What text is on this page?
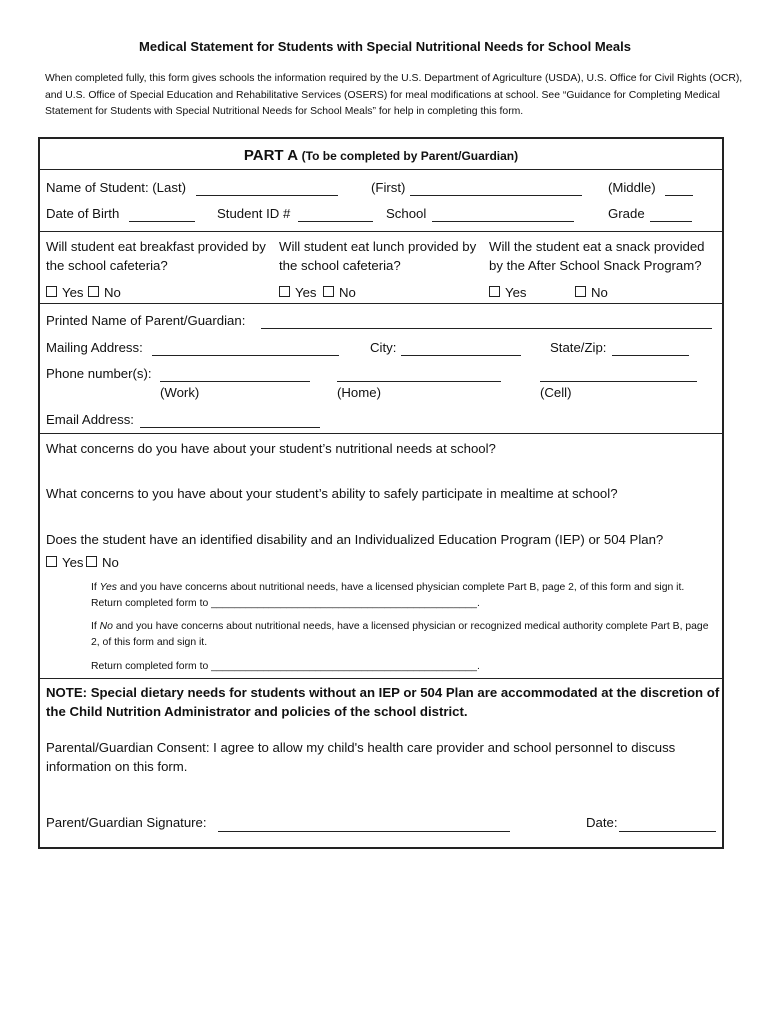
Medical Statement for Students with Special Nutritional Needs for School Meals

When completed fully, this form gives schools the information required by the U.S. Department of Agriculture (USDA), U.S. Office for Civil Rights (OCR), and U.S. Office of Special Education and Rehabilitative Services (OSERS) for meal modifications at school. See “Guidance for Completing Medical Statement for Students with Special Nutritional Needs for School Meals” for help in completing this form.

PART A (To be completed by Parent/Guardian)
Name of Student: (Last)	(First)	(Middle)
Date of Birth	Student ID #	School	Grade
Will student eat breakfast provided by the school cafeteria?
Will student eat lunch provided by the school cafeteria?
Will the student eat a snack provided by the After School Snack Program?
Yes	No	Yes	No	Yes	No
Printed Name of Parent/Guardian:
Mailing Address:	City:	State/Zip:
Phone number(s):
(Work)	(Home)	(Cell)
Email Address:
What concerns do you have about your student’s nutritional needs at school?
What concerns to you have about your student’s ability to safely participate in mealtime at school?
Does the student have an identified disability and an Individualized Education Program (IEP) or 504 Plan?
Yes	No
If Yes and you have concerns about nutritional needs, have a licensed physician complete Part B, page 2, of this form and sign it. Return completed form to ______________________________________________.
If No and you have concerns about nutritional needs, have a licensed physician or recognized medical authority complete Part B, page 2, of this form and sign it.
Return completed form to ______________________________________________.
NOTE: Special dietary needs for students without an IEP or 504 Plan are accommodated at the discretion of the Child Nutrition Administrator and policies of the school district.
Parental/Guardian Consent: I agree to allow my child's health care provider and school personnel to discuss information on this form.
Parent/Guardian Signature:	Date:
